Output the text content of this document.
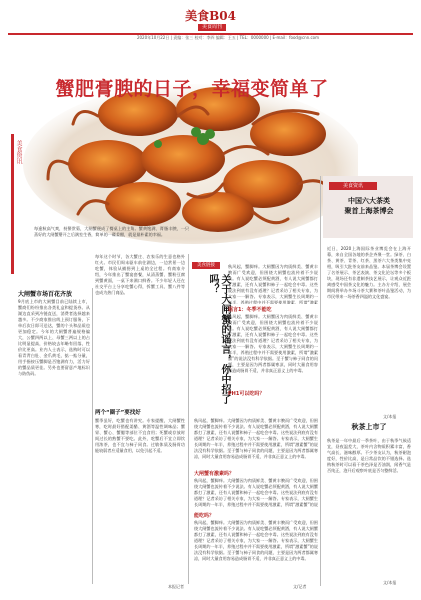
美食B04
美食周刊
2020年10月22日 | 责编：张三 校对：李四 编辑：王五 | TEL：0000000 | E-mail：food@cnn.com
蟹肥膏腴的日子，幸福变简单了
美食资讯
每逢秋高气爽，持螯赏菊，大闸蟹便成了餐桌上的主角。蟹黄饱满、膏脂丰腴，一只蒸好的大闸蟹掰开之后满室生香，简单的一碟姜醋，就是最朴素的幸福。
大闸蟹市场百花齐放
9月底上市的大闸蟹目前已陆续上市，蟹商们纷纷推出各类礼盒和提货券。从湖边直采到冷链直送，消费者选择越来越多。不少商家推出线上预订服务，下单后次日即可送达，蟹的个头和品质也更加稳定。今年的大闸蟹普遍规格偏大，公蟹四两以上、母蟹三两以上的占比明显提高，价格较去年略有回落，性价比更高。业内人士表示，选购时可以看青背白肚、金爪黄毛，掂一掂分量，用手指按压蟹脚是否饱满有力，活力好的蟹品质更佳。另外也要留意产地标识与防伪码。
每年这个时节，各大蟹庄、农家乐的生意也格外红火。市民们周末驱车前往湖边，一边赏景一边吃蟹，体验从捕捞到上桌的全过程。有商家介绍，今年推出了蟹宴套餐，从清蒸蟹、蟹粉豆腐到蟹黄面，一桌下来满口鲜香。不少年轻人还在社交平台上分享吃蟹心得，拆蟹工具、蟹八件等也成为热门商品。
两个“圈子”要找好
蟹季虽好，吃蟹也有讲究。专家提醒，大闸蟹性寒，吃时最好搭配姜醋、黄酒等温性调味品；蟹胃、蟹心、蟹腮等部位不宜食用；死蟹或存放时间过长的熟蟹不要吃。此外，吃蟹后不宜立即饮用浓茶，也不宜与柿子同食。过敏体质及肠胃功能较弱者应适量食用，以免引起不适。
本报记者
美食链接
关于大闸蟹的谣言，你中招了吗？
秋风起，蟹脚痒。大闸蟹因为肉质鲜美、蟹黄丰腴而广受欢迎，但围绕大闸蟹也流传着不少说法。有人说吃蟹必须配黄酒，有人说大闸蟹都打了激素，还有人说蟹和柿子一起吃会中毒。这些说法到底有没有道理？记者采访了相关专家，为大家一一解答。专家表示，大闸蟹生长周期约一年半，养殖过程中并不需要使用激素，所谓“激素
谣言1：冬季不能吃
秋风起，蟹脚痒。大闸蟹因为肉质鲜美、蟹黄丰腴而广受欢迎，但围绕大闸蟹也流传着不少说法。有人说吃蟹必须配黄酒，有人说大闸蟹都打了激素，还有人说蟹和柿子一起吃会中毒。这些说法到底有没有道理？记者采访了相关专家，为大家一一解答。专家表示，大闸蟹生长周期约一年半，养殖过程中并不需要使用激素，所谓“激素蟹”的说法没有科学依据。至于蟹与柿子同食的问题，主要是因为两者都属寒凉，同时大量食用容易造成肠胃不适，并非真正意义上的中毒。
PH1可以吃吗？
秋风起，蟹脚痒。大闸蟹因为肉质鲜美、蟹黄丰腴而广受欢迎，但围绕大闸蟹也流传着不少说法。有人说吃蟹必须配黄酒，有人说大闸蟹都打了激素，还有人说蟹和柿子一起吃会中毒。这些说法到底有没有道理？记者采访了相关专家，为大家一一解答。专家表示，大闸蟹生长周期约一年半，养殖过程中并不需要使用激素，所谓“激素蟹”的说法没有科学依据。至于蟹与柿子同食的问题，主要是因为两者都属寒凉，同时大量食用容易造成肠胃不适，并非真正意义上的中毒。
大闸蟹有激素吗？
秋风起，蟹脚痒。大闸蟹因为肉质鲜美、蟹黄丰腴而广受欢迎，但围绕大闸蟹也流传着不少说法。有人说吃蟹必须配黄酒，有人说大闸蟹都打了激素，还有人说蟹和柿子一起吃会中毒。这些说法到底有没有道理？记者采访了相关专家，为大家一一解答。专家表示，大闸蟹生长周期约一年半，养殖过程中并不需要使用激素，所谓“激素蟹”的说
能吃吗？
秋风起，蟹脚痒。大闸蟹因为肉质鲜美、蟹黄丰腴而广受欢迎，但围绕大闸蟹也流传着不少说法。有人说吃蟹必须配黄酒，有人说大闸蟹都打了激素，还有人说蟹和柿子一起吃会中毒。这些说法到底有没有道理？记者采访了相关专家，为大家一一解答。专家表示，大闸蟹生长周期约一年半，养殖过程中并不需要使用激素，所谓“激素蟹”的说法没有科学依据。至于蟹与柿子同食的问题，主要是因为两者都属寒凉，同时大量食用容易造成肠胃不适，并非真正意义上的中毒。
文/记者
美食资讯
中国六大茶类
聚首上海茶博会
近日，2020上海国际茶业博览会在上海开幕，来自全国各地的茶企齐聚一堂。绿茶、白茶、黄茶、青茶、红茶、黑茶六大茶类集中亮相，吸引大批茶友前来品鉴。本届茶博会设置了名茶展示、茶艺表演、茶文化论坛等多个板块，现场还有非遗制茶技艺展示，让观众近距离感受中国茶文化的魅力。主办方介绍，展会期间将举办多场斗茶大赛和茶叶品鉴活动，为市民带来一场茶香四溢的文化盛宴。
文/本报
秋茶上市了
秋茶是一年中最后一季茶叶，由于秋季气候适宜，昼夜温差大，茶叶内含物质积累丰富，香气高长、滋味醇厚。不少茶友认为，秋茶耐泡度好，性价比高，是日常品饮的不错选择。选购秋茶时可以看干茶色泽是否油润，闻香气是否纯正，泡开后观察叶底是否匀整鲜活。
文/本报
